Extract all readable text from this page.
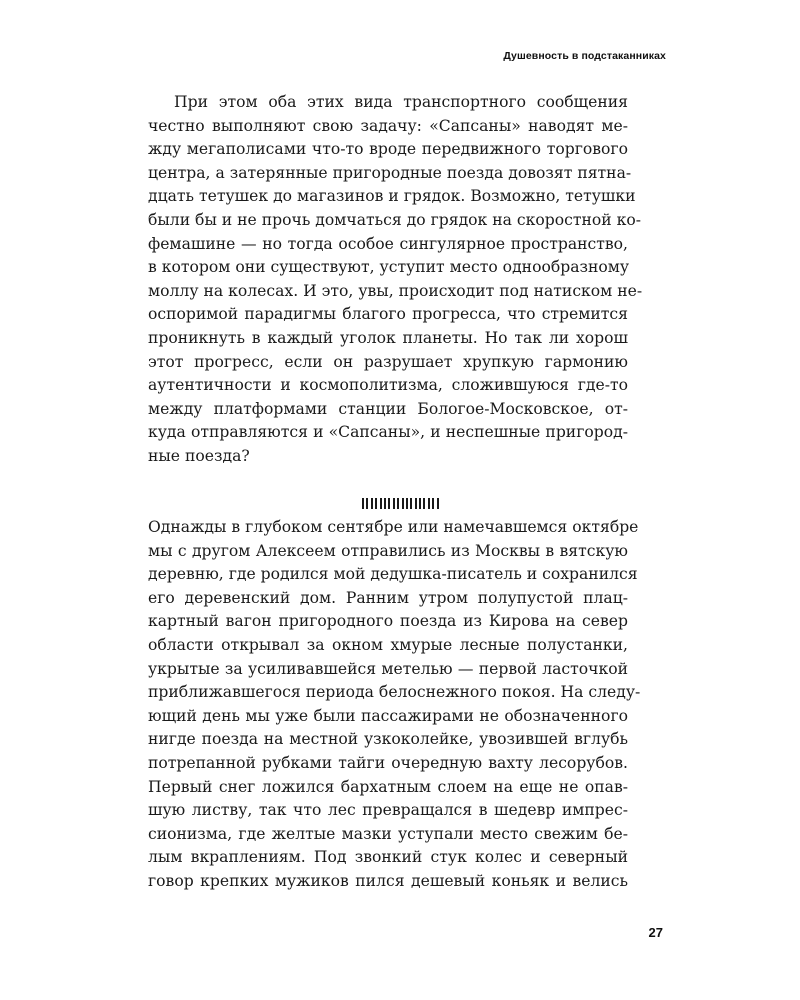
Душевность в подстаканниках
При этом оба этих вида транспортного сообщения
честно выполняют свою задачу: «Сапсаны» наводят ме-
жду мегаполисами что-то вроде передвижного торгового
центра, а затерянные пригородные поезда довозят пятна-
дцать тетушек до магазинов и грядок. Возможно, тетушки
были бы и не прочь домчаться до грядок на скоростной ко-
фемашине — но тогда особое сингулярное пространство,
в котором они существуют, уступит место однообразному
моллу на колесах. И это, увы, происходит под натиском не-
оспоримой парадигмы благого прогресса, что стремится
проникнуть в каждый уголок планеты. Но так ли хорош
этот прогресс, если он разрушает хрупкую гармонию
аутентичности и космополитизма, сложившуюся где-то
между платформами станции Бологое-Московское, от-
куда отправляются и «Сапсаны», и неспешные пригород-
ные поезда?
Однажды в глубоком сентябре или намечавшемся октябре
мы с другом Алексеем отправились из Москвы в вятскую
деревню, где родился мой дедушка-писатель и сохранился
его деревенский дом. Ранним утром полупустой плац-
картный вагон пригородного поезда из Кирова на север
области открывал за окном хмурые лесные полустанки,
укрытые за усиливавшейся метелью — первой ласточкой
приближавшегося периода белоснежного покоя. На следу-
ющий день мы уже были пассажирами не обозначенного
нигде поезда на местной узкоколейке, увозившей вглубь
потрепанной рубками тайги очередную вахту лесорубов.
Первый снег ложился бархатным слоем на еще не опав-
шую листву, так что лес превращался в шедевр импрес-
сионизма, где желтые мазки уступали место свежим бе-
лым вкраплениям. Под звонкий стук колес и северный
говор крепких мужиков пился дешевый коньяк и велись
27
